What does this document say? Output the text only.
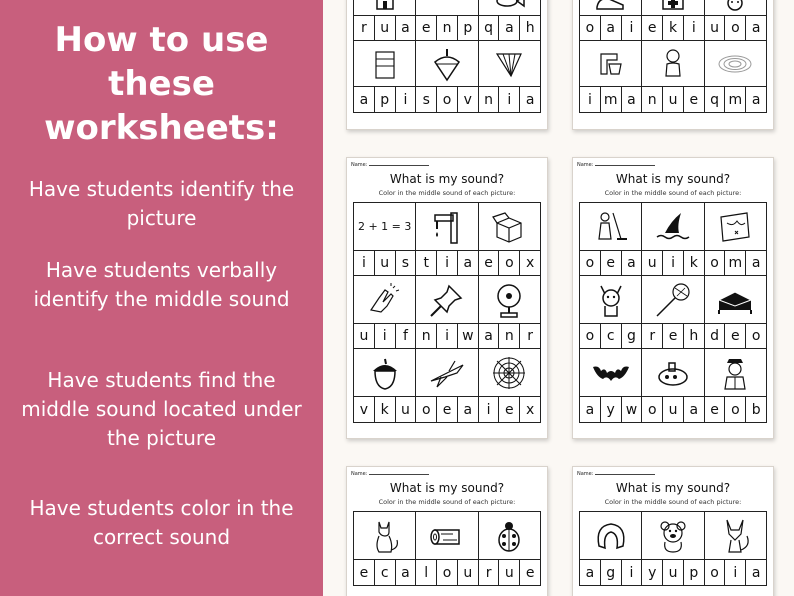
How to use these worksheets:
Have students identify the picture
Have students verbally identify the middle sound
Have students find the middle sound located under the picture
Have students color in the correct sound
r u a e n p q a h
a p	i	s o v n	i	a
o a	i	e k	i	u o a
i m a n u e q m a
Name:
What is my sound?
Color in the middle sound of each picture:
2 + 1 = 3
i	u s	t	i	a e o x
u	i	f n	i w a n r
v k u o e a	i	e x
Name:
What is my sound?
Color in the middle sound of each picture:
o e a u	i	k o m a
o c g r e h d e o
a y w o u a e o b
Name:
What is my sound?
Color in the middle sound of each picture:
e c a	l	o u r u e
Name:
What is my sound?
Color in the middle sound of each picture:
a g	i	y u p o	i	a
